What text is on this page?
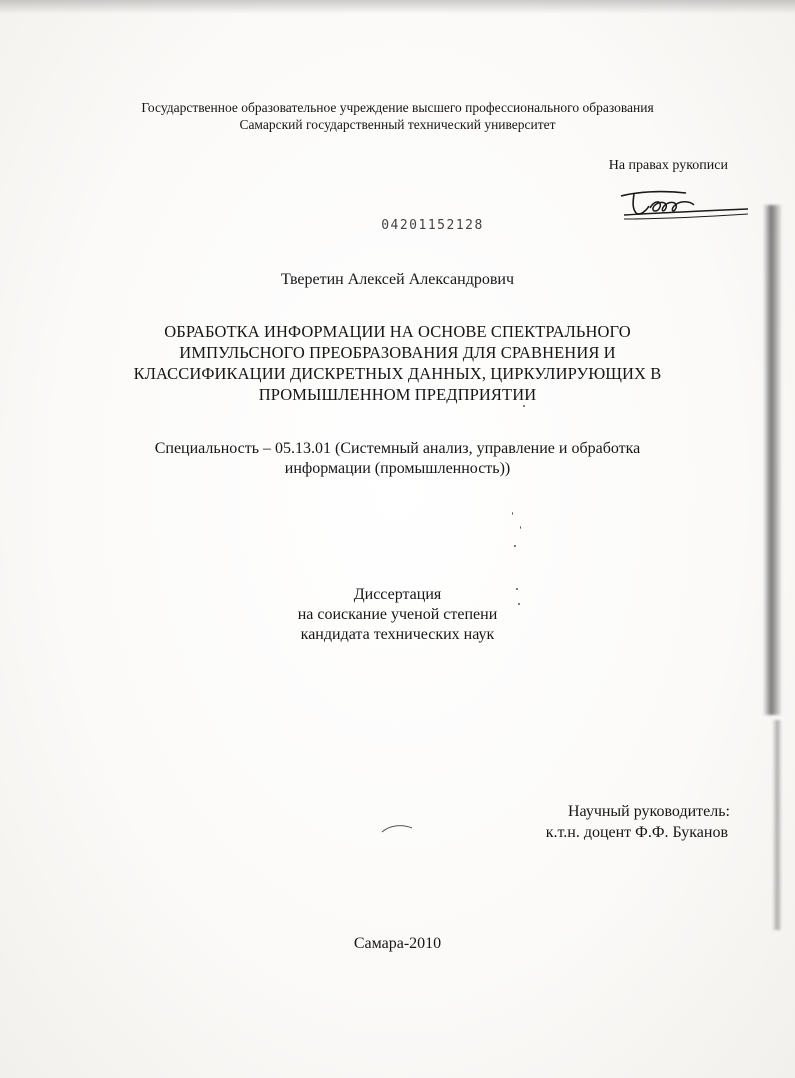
Государственное образовательное учреждение высшего профессионального образования
Самарский государственный технический университет
На правах рукописи
04201152128
Тверетин Алексей Александрович
ОБРАБОТКА ИНФОРМАЦИИ НА ОСНОВЕ СПЕКТРАЛЬНОГО
ИМПУЛЬСНОГО ПРЕОБРАЗОВАНИЯ ДЛЯ СРАВНЕНИЯ И
КЛАССИФИКАЦИИ ДИСКРЕТНЫХ ДАННЫХ, ЦИРКУЛИРУЮЩИХ В
ПРОМЫШЛЕННОМ ПРЕДПРИЯТИИ
Специальность – 05.13.01 (Системный анализ, управление и обработка
информации (промышленность))
Диссертация
на соискание ученой степени
кандидата технических наук
Научный руководитель:
к.т.н. доцент Ф.Ф. Буканов
Самара-2010
